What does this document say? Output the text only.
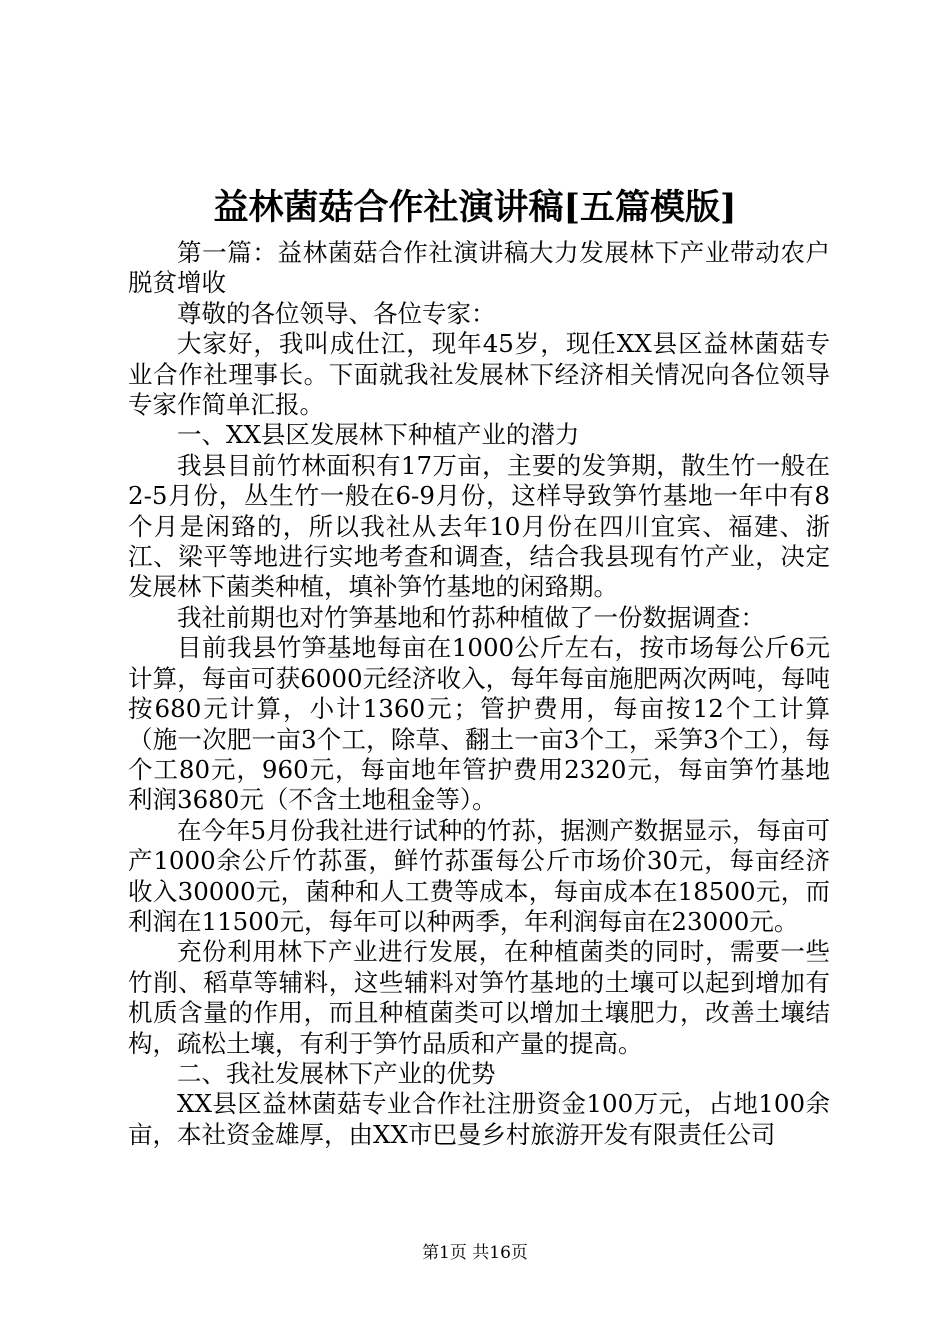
益林菌菇合作社演讲稿[五篇模版]

第一篇：益林菌菇合作社演讲稿大力发展林下产业带动农户脱贫增收

尊敬的各位领导、各位专家：

大家好，我叫成仕江，现年45岁，现任XX县区益林菌菇专业合作社理事长。下面就我社发展林下经济相关情况向各位领导专家作简单汇报。

一、XX县区发展林下种植产业的潜力

我县目前竹林面积有17万亩，主要的发笋期，散生竹一般在2-5月份，丛生竹一般在6-9月份，这样导致笋竹基地一年中有8个月是闲臵的，所以我社从去年10月份在四川宜宾、福建、浙江、梁平等地进行实地考查和调查，结合我县现有竹产业，决定发展林下菌类种植，填补笋竹基地的闲臵期。

我社前期也对竹笋基地和竹荪种植做了一份数据调查：

目前我县竹笋基地每亩在1000公斤左右，按市场每公斤6元计算，每亩可获6000元经济收入，每年每亩施肥两次两吨，每吨按680元计算，小计1360元；管护费用，每亩按12个工计算（施一次肥一亩3个工，除草、翻土一亩3个工，采笋3个工），每个工80元，960元，每亩地年管护费用2320元，每亩笋竹基地利润3680元（不含土地租金等）。

在今年5月份我社进行试种的竹荪，据测产数据显示，每亩可产1000余公斤竹荪蛋，鲜竹荪蛋每公斤市场价30元，每亩经济收入30000元，菌种和人工费等成本，每亩成本在18500元，而利润在11500元，每年可以种两季，年利润每亩在23000元。

充份利用林下产业进行发展，在种植菌类的同时，需要一些竹削、稻草等辅料，这些辅料对笋竹基地的土壤可以起到增加有机质含量的作用，而且种植菌类可以增加土壤肥力，改善土壤结构，疏松土壤，有利于笋竹品质和产量的提高。

二、我社发展林下产业的优势

XX县区益林菌菇专业合作社注册资金100万元，占地100余亩，本社资金雄厚，由XX市巴曼乡村旅游开发有限责任公司

第1页 共16页
